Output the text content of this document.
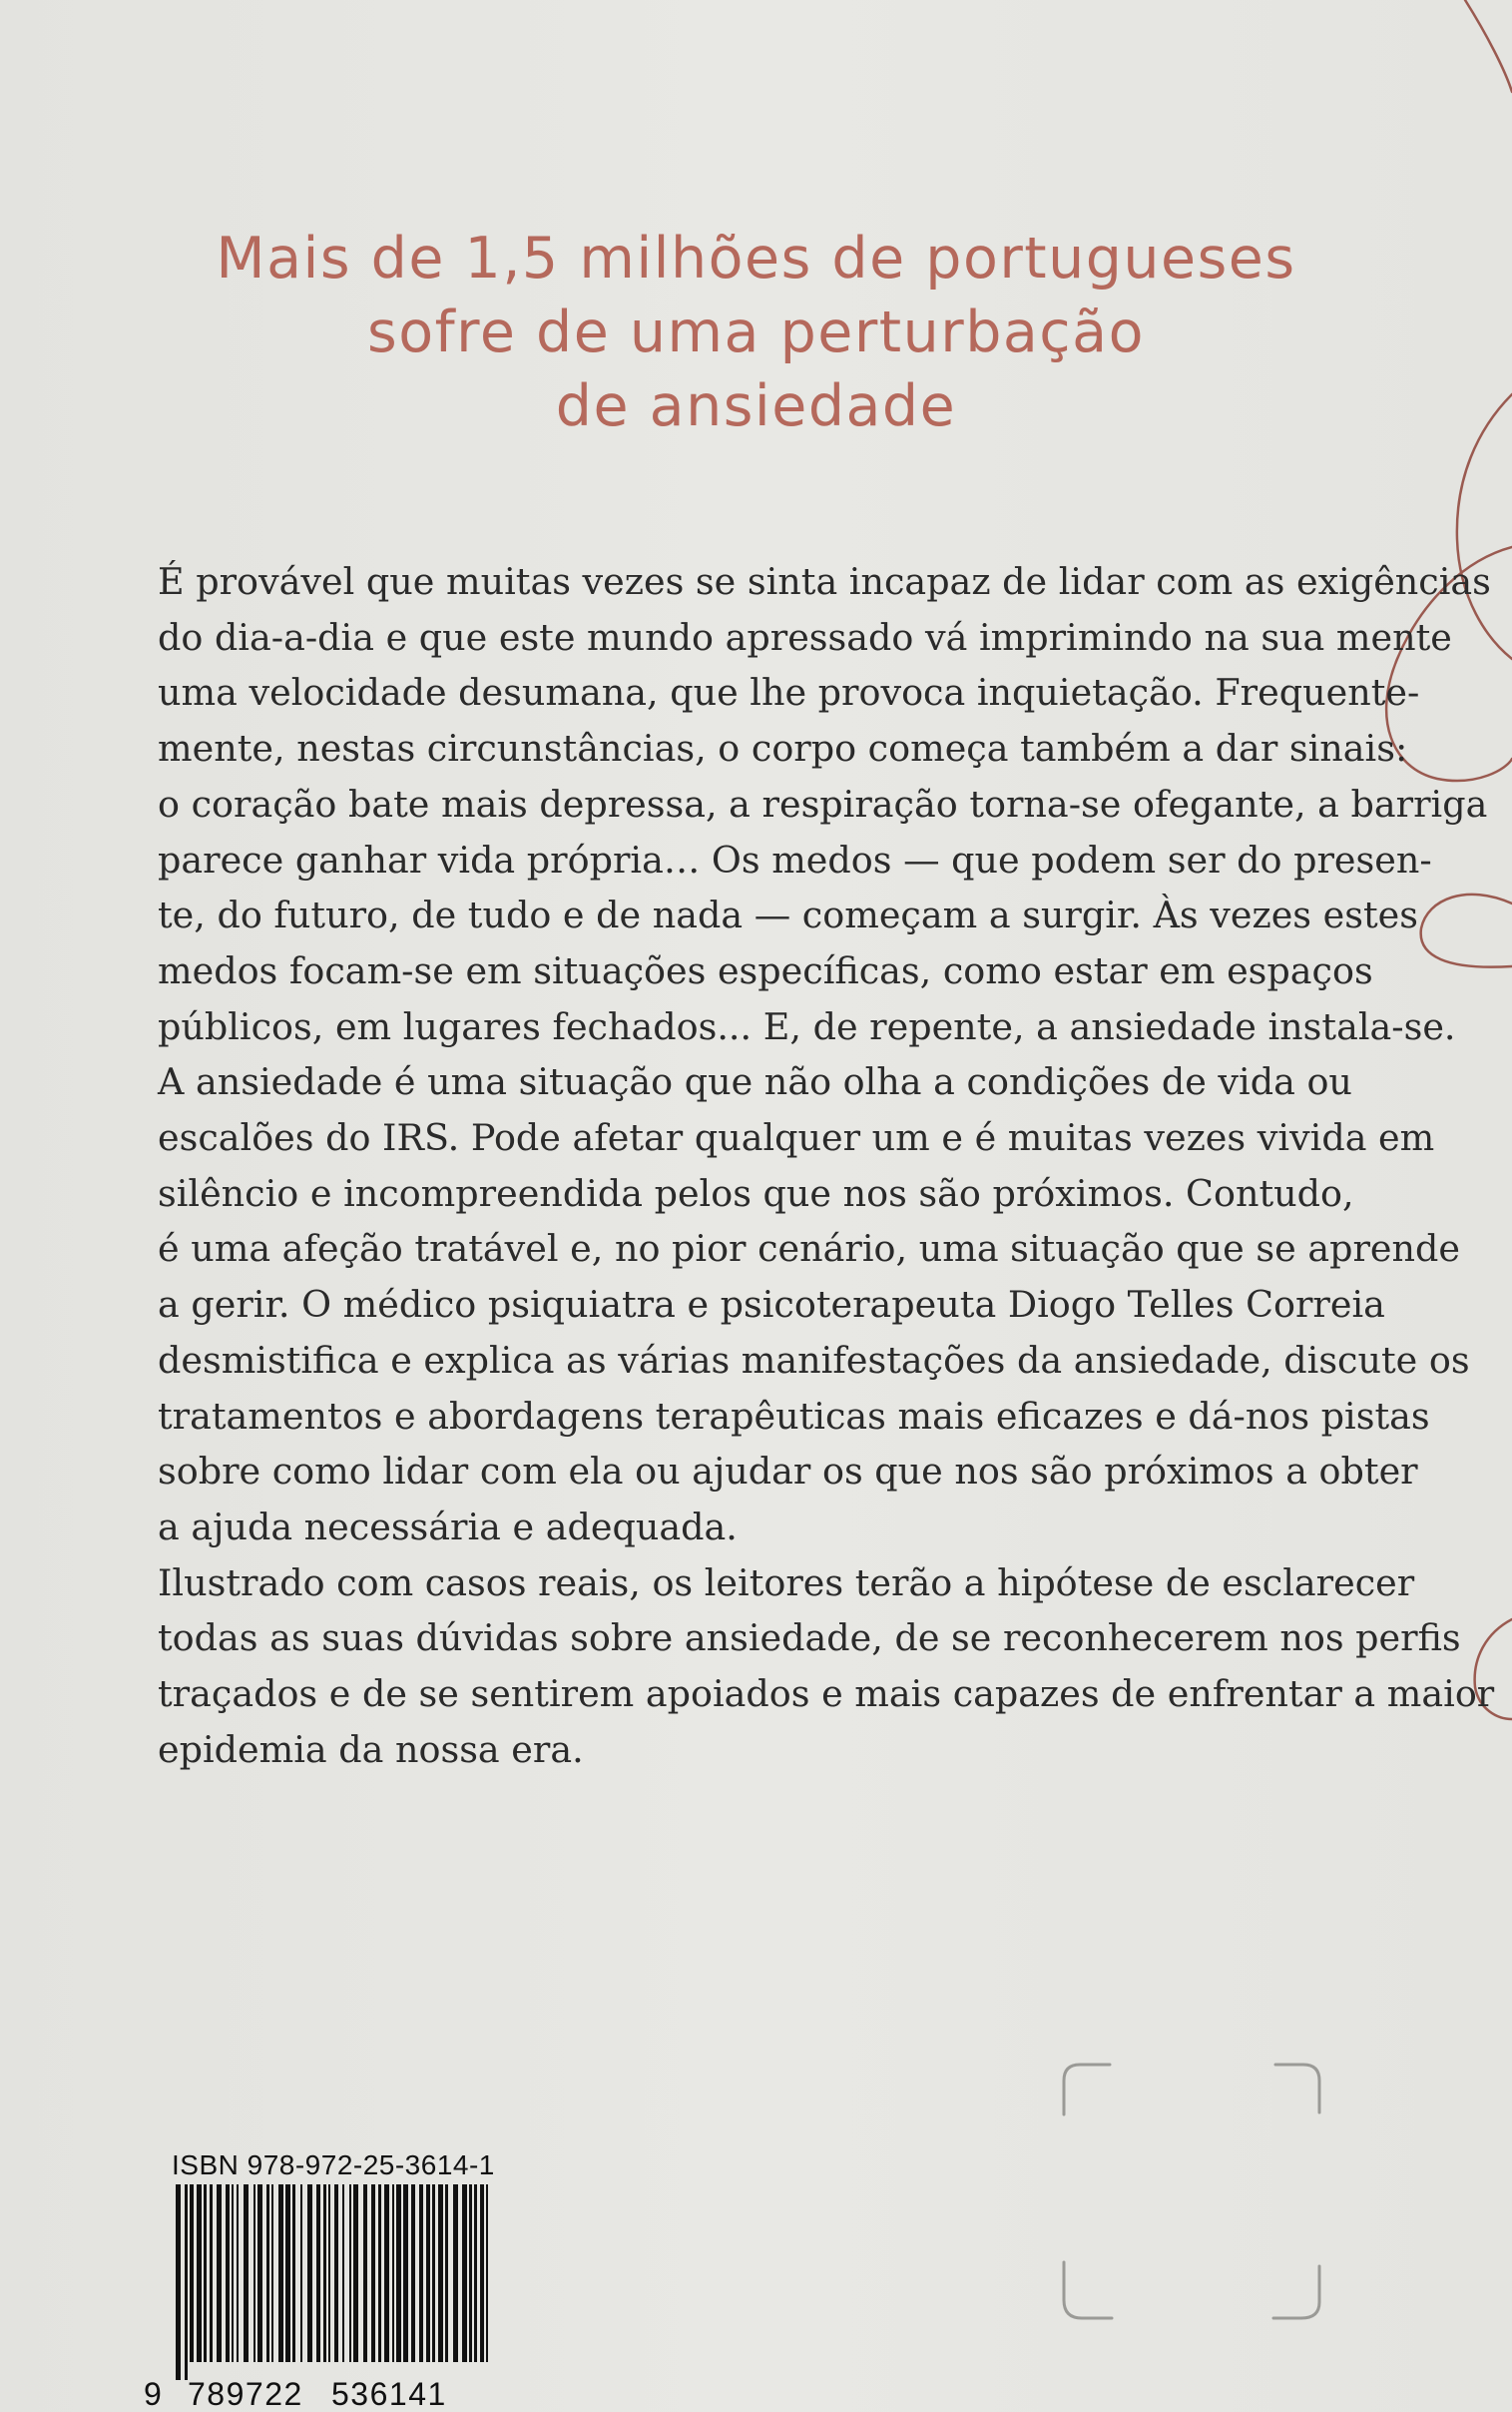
Mais de 1,5 milhões de portugueses
sofre de uma perturbação
de ansiedade
É provável que muitas vezes se sinta incapaz de lidar com as exigências
do dia-a-dia e que este mundo apressado vá imprimindo na sua mente
uma velocidade desumana, que lhe provoca inquietação. Frequente-
mente, nestas circunstâncias, o corpo começa também a dar sinais:
o coração bate mais depressa, a respiração torna-se ofegante, a barriga
parece ganhar vida própria… Os medos — que podem ser do presen-
te, do futuro, de tudo e de nada — começam a surgir. Às vezes estes
medos focam-se em situações específicas, como estar em espaços
públicos, em lugares fechados... E, de repente, a ansiedade instala-se.
A ansiedade é uma situação que não olha a condições de vida ou
escalões do IRS. Pode afetar qualquer um e é muitas vezes vivida em
silêncio e incompreendida pelos que nos são próximos. Contudo,
é uma afeção tratável e, no pior cenário, uma situação que se aprende
a gerir. O médico psiquiatra e psicoterapeuta Diogo Telles Correia
desmistifica e explica as várias manifestações da ansiedade, discute os
tratamentos e abordagens terapêuticas mais eficazes e dá-nos pistas
sobre como lidar com ela ou ajudar os que nos são próximos a obter
a ajuda necessária e adequada.
Ilustrado com casos reais, os leitores terão a hipótese de esclarecer
todas as suas dúvidas sobre ansiedade, de se reconhecerem nos perfis
traçados e de se sentirem apoiados e mais capazes de enfrentar a maior
epidemia da nossa era.
ISBN 978-972-25-3614-1
9 789722 536141
